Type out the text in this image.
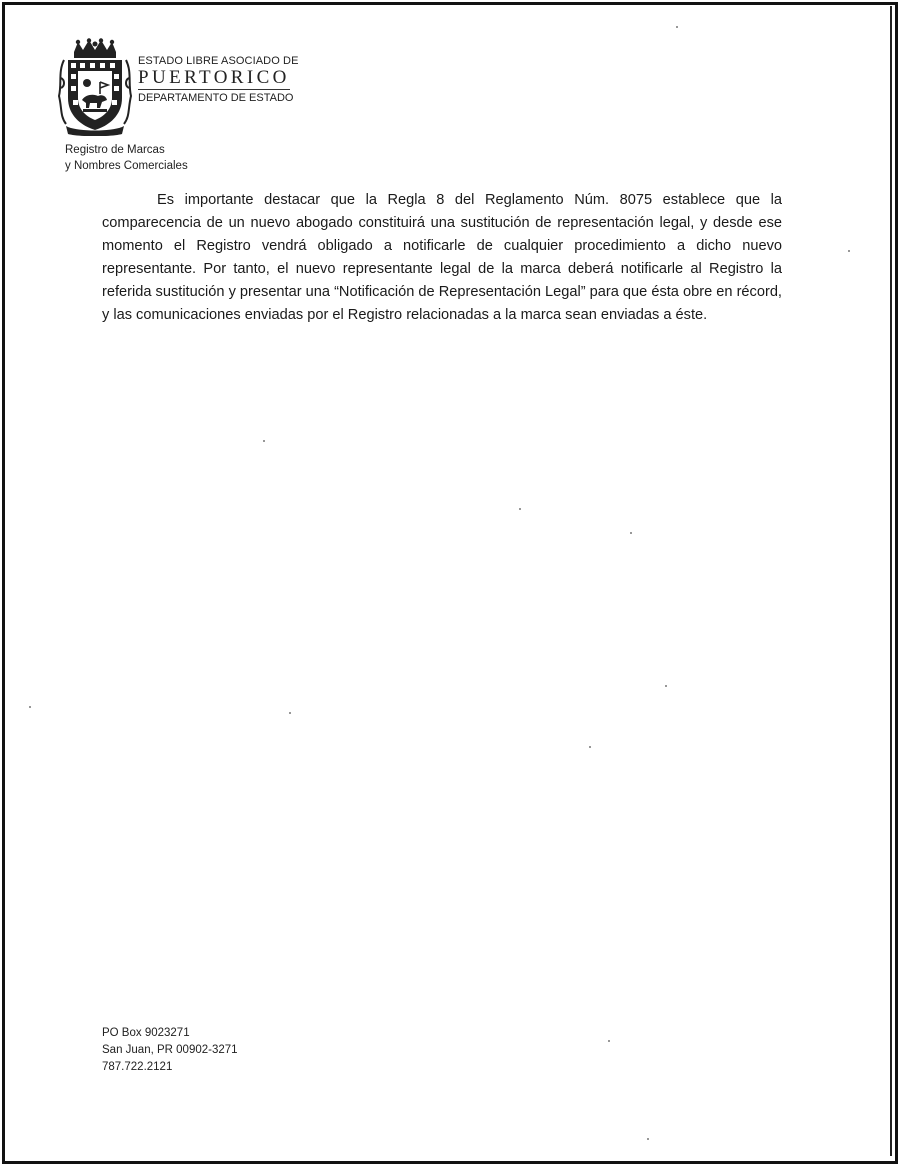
ESTADO LIBRE ASOCIADO DE
PUERTORICO
DEPARTAMENTO DE ESTADO
Registro de Marcas
y Nombres Comerciales

Es importante destacar que la Regla 8 del Reglamento Núm. 8075 establece que la comparecencia de un nuevo abogado constituirá una sustitución de representación legal, y desde ese momento el Registro vendrá obligado a notificarle de cualquier procedimiento a dicho nuevo representante. Por tanto, el nuevo representante legal de la marca deberá notificarle al Registro la referida sustitución y presentar una “Notificación de Representación Legal” para que ésta obre en récord, y las comunicaciones enviadas por el Registro relacionadas a la marca sean enviadas a éste.

PO Box 9023271
San Juan, PR 00902-3271
787.722.2121
